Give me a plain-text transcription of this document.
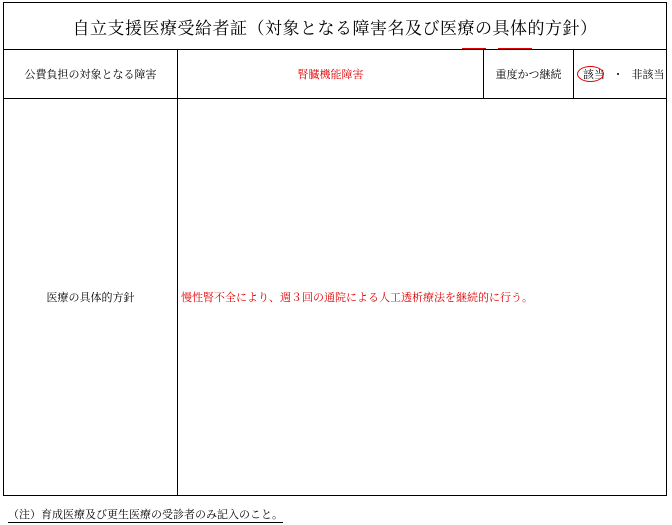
自立支援医療受給者証（対象となる障害名及び医療の具体的方針）
公費負担の対象となる障害	腎臓機能障害	重度かつ継続	該当 ・ 非該当
医療の具体的方針	慢性腎不全により、週３回の通院による人工透析療法を継続的に行う。
（注）育成医療及び更生医療の受診者のみ記入のこと。
